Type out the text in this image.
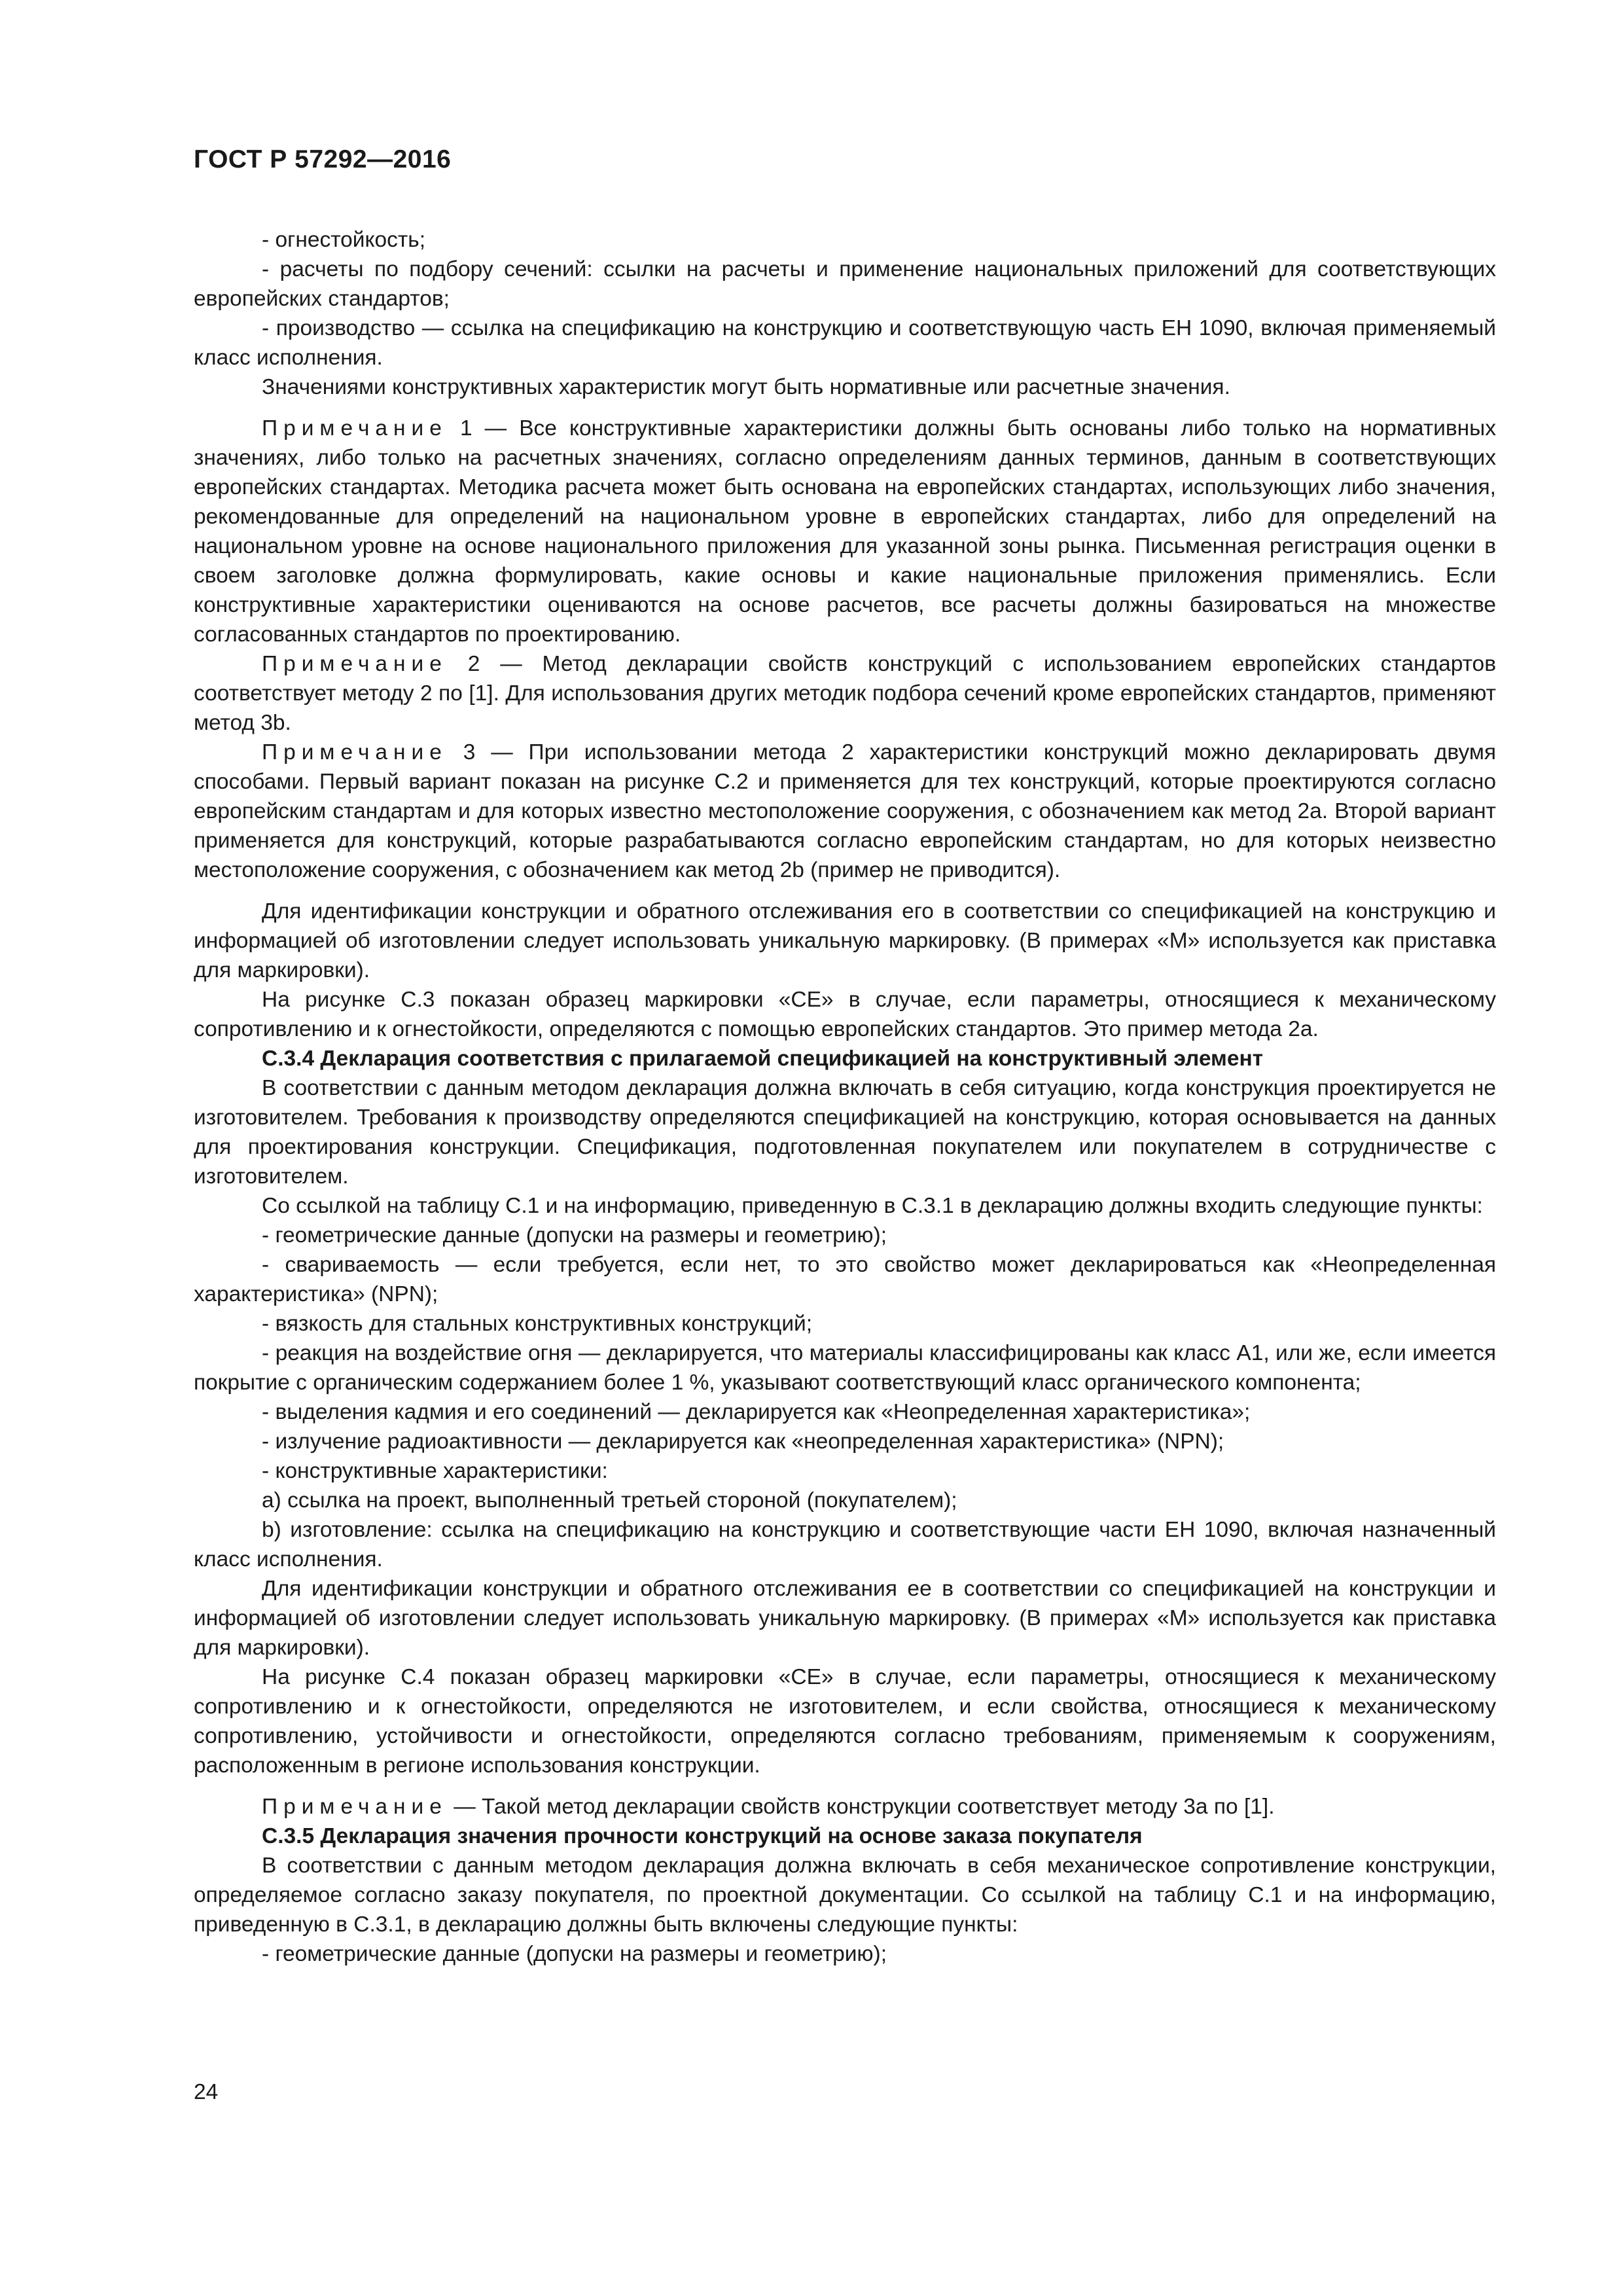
ГОСТ Р 57292—2016

- огнестойкость;

- расчеты по подбору сечений: ссылки на расчеты и применение национальных приложений для соответствующих европейских стандартов;

- производство — ссылка на спецификацию на конструкцию и соответствующую часть ЕН 1090, включая применяемый класс исполнения.

Значениями конструктивных характеристик могут быть нормативные или расчетные значения.

Примечание 1 — Все конструктивные характеристики должны быть основаны либо только на нормативных значениях, либо только на расчетных значениях, согласно определениям данных терминов, данным в соответствующих европейских стандартах. Методика расчета может быть основана на европейских стандартах, использующих либо значения, рекомендованные для определений на национальном уровне в европейских стандартах, либо для определений на национальном уровне на основе национального приложения для указанной зоны рынка. Письменная регистрация оценки в своем заголовке должна формулировать, какие основы и какие национальные приложения применялись. Если конструктивные характеристики оцениваются на основе расчетов, все расчеты должны базироваться на множестве согласованных стандартов по проектированию.

Примечание 2 — Метод декларации свойств конструкций с использованием европейских стандартов соответствует методу 2 по [1]. Для использования других методик подбора сечений кроме европейских стандартов, применяют метод 3b.

Примечание 3 — При использовании метода 2 характеристики конструкций можно декларировать двумя способами. Первый вариант показан на рисунке С.2 и применяется для тех конструкций, которые проектируются согласно европейским стандартам и для которых известно местоположение сооружения, с обозначением как метод 2а. Второй вариант применяется для конструкций, которые разрабатываются согласно европейским стандартам, но для которых неизвестно местоположение сооружения, с обозначением как метод 2b (пример не приводится).

Для идентификации конструкции и обратного отслеживания его в соответствии со спецификацией на конструкцию и информацией об изготовлении следует использовать уникальную маркировку. (В примерах «М» используется как приставка для маркировки).

На рисунке С.3 показан образец маркировки «CE» в случае, если параметры, относящиеся к механическому сопротивлению и к огнестойкости, определяются с помощью европейских стандартов. Это пример метода 2а.

С.3.4 Декларация соответствия с прилагаемой спецификацией на конструктивный элемент

В соответствии с данным методом декларация должна включать в себя ситуацию, когда конструкция проектируется не изготовителем. Требования к производству определяются спецификацией на конструкцию, которая основывается на данных для проектирования конструкции. Спецификация, подготовленная покупателем или покупателем в сотрудничестве с изготовителем.

Со ссылкой на таблицу С.1 и на информацию, приведенную в С.3.1 в декларацию должны входить следующие пункты:

- геометрические данные (допуски на размеры и геометрию);

- свариваемость — если требуется, если нет, то это свойство может декларироваться как «Неопределенная характеристика» (NPN);

- вязкость для стальных конструктивных конструкций;

- реакция на воздействие огня — декларируется, что материалы классифицированы как класс А1, или же, если имеется покрытие с органическим содержанием более 1 %, указывают соответствующий класс органического компонента;

- выделения кадмия и его соединений — декларируется как «Неопределенная характеристика»;

- излучение радиоактивности — декларируется как «неопределенная характеристика» (NPN);

- конструктивные характеристики:

a) ссылка на проект, выполненный третьей стороной (покупателем);

b) изготовление: ссылка на спецификацию на конструкцию и соответствующие части ЕН 1090, включая назначенный класс исполнения.

Для идентификации конструкции и обратного отслеживания ее в соответствии со спецификацией на конструкции и информацией об изготовлении следует использовать уникальную маркировку. (В примерах «М» используется как приставка для маркировки).

На рисунке С.4 показан образец маркировки «CE» в случае, если параметры, относящиеся к механическому сопротивлению и к огнестойкости, определяются не изготовителем, и если свойства, относящиеся к механическому сопротивлению, устойчивости и огнестойкости, определяются согласно требованиям, применяемым к сооружениям, расположенным в регионе использования конструкции.

Примечание — Такой метод декларации свойств конструкции соответствует методу 3а по [1].

С.3.5 Декларация значения прочности конструкций на основе заказа покупателя

В соответствии с данным методом декларация должна включать в себя механическое сопротивление конструкции, определяемое согласно заказу покупателя, по проектной документации. Со ссылкой на таблицу С.1 и на информацию, приведенную в С.3.1, в декларацию должны быть включены следующие пункты:

- геометрические данные (допуски на размеры и геометрию);

24
